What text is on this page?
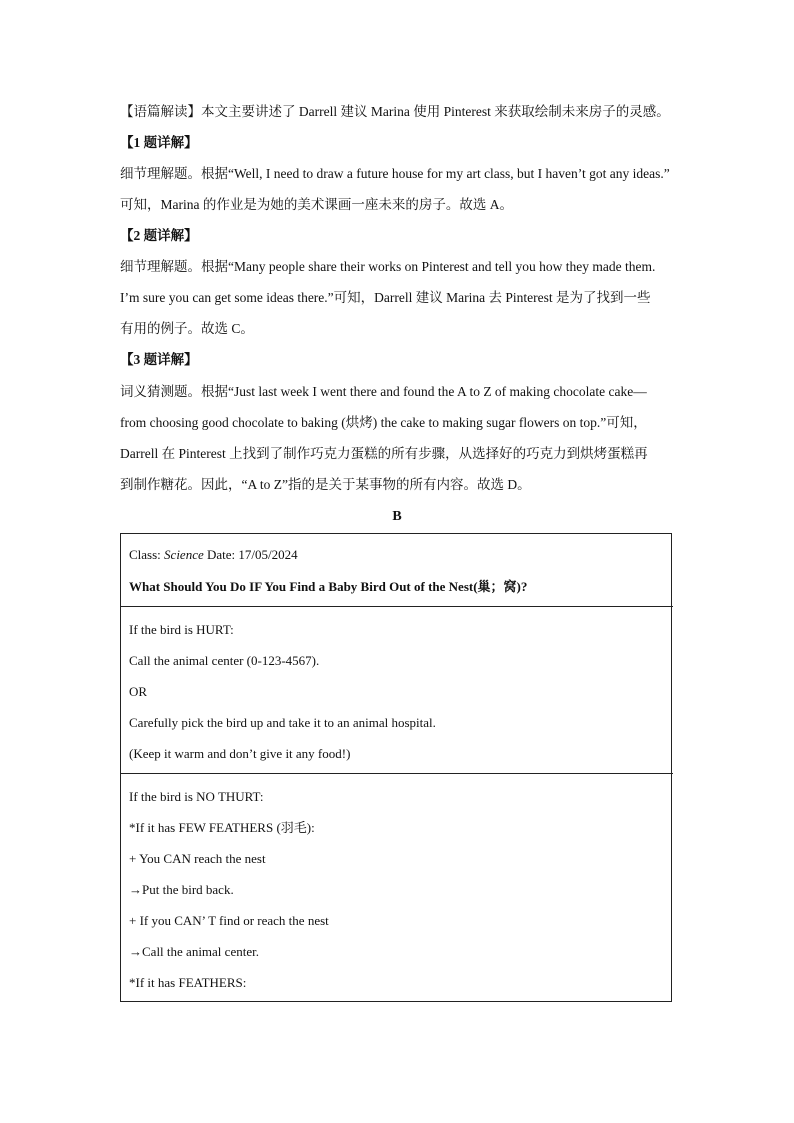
【语篇解读】本文主要讲述了 Darrell 建议 Marina 使用 Pinterest 来获取绘制未来房子的灵感。
【1 题详解】
细节理解题。根据“Well, I need to draw a future house for my art class, but I haven’t got any ideas.”
可知，Marina 的作业是为她的美术课画一座未来的房子。故选 A。
【2 题详解】
细节理解题。根据“Many people share their works on Pinterest and tell you how they made them.
I’m sure you can get some ideas there.”可知，Darrell 建议 Marina 去 Pinterest 是为了找到一些
有用的例子。故选 C。
【3 题详解】
词义猜测题。根据“Just last week I went there and found the A to Z of making chocolate cake—
from choosing good chocolate to baking (烘烤) the cake to making sugar flowers on top.”可知，
Darrell 在 Pinterest 上找到了制作巧克力蛋糕的所有步骤，从选择好的巧克力到烘烤蛋糕再
到制作糖花。因此，“A to Z”指的是关于某事物的所有内容。故选 D。
B
Class: Science Date: 17/05/2024
What Should You Do IF You Find a Baby Bird Out of the Nest(巢；窝)?
If the bird is HURT:
Call the animal center (0-123-4567).
OR
Carefully pick the bird up and take it to an animal hospital.
(Keep it warm and don’t give it any food!)
If the bird is NO THURT:
*If it has FEW FEATHERS (羽毛):
+ You CAN reach the nest
→Put the bird back.
+ If you CAN’ T find or reach the nest
→Call the animal center.
*If it has FEATHERS:
